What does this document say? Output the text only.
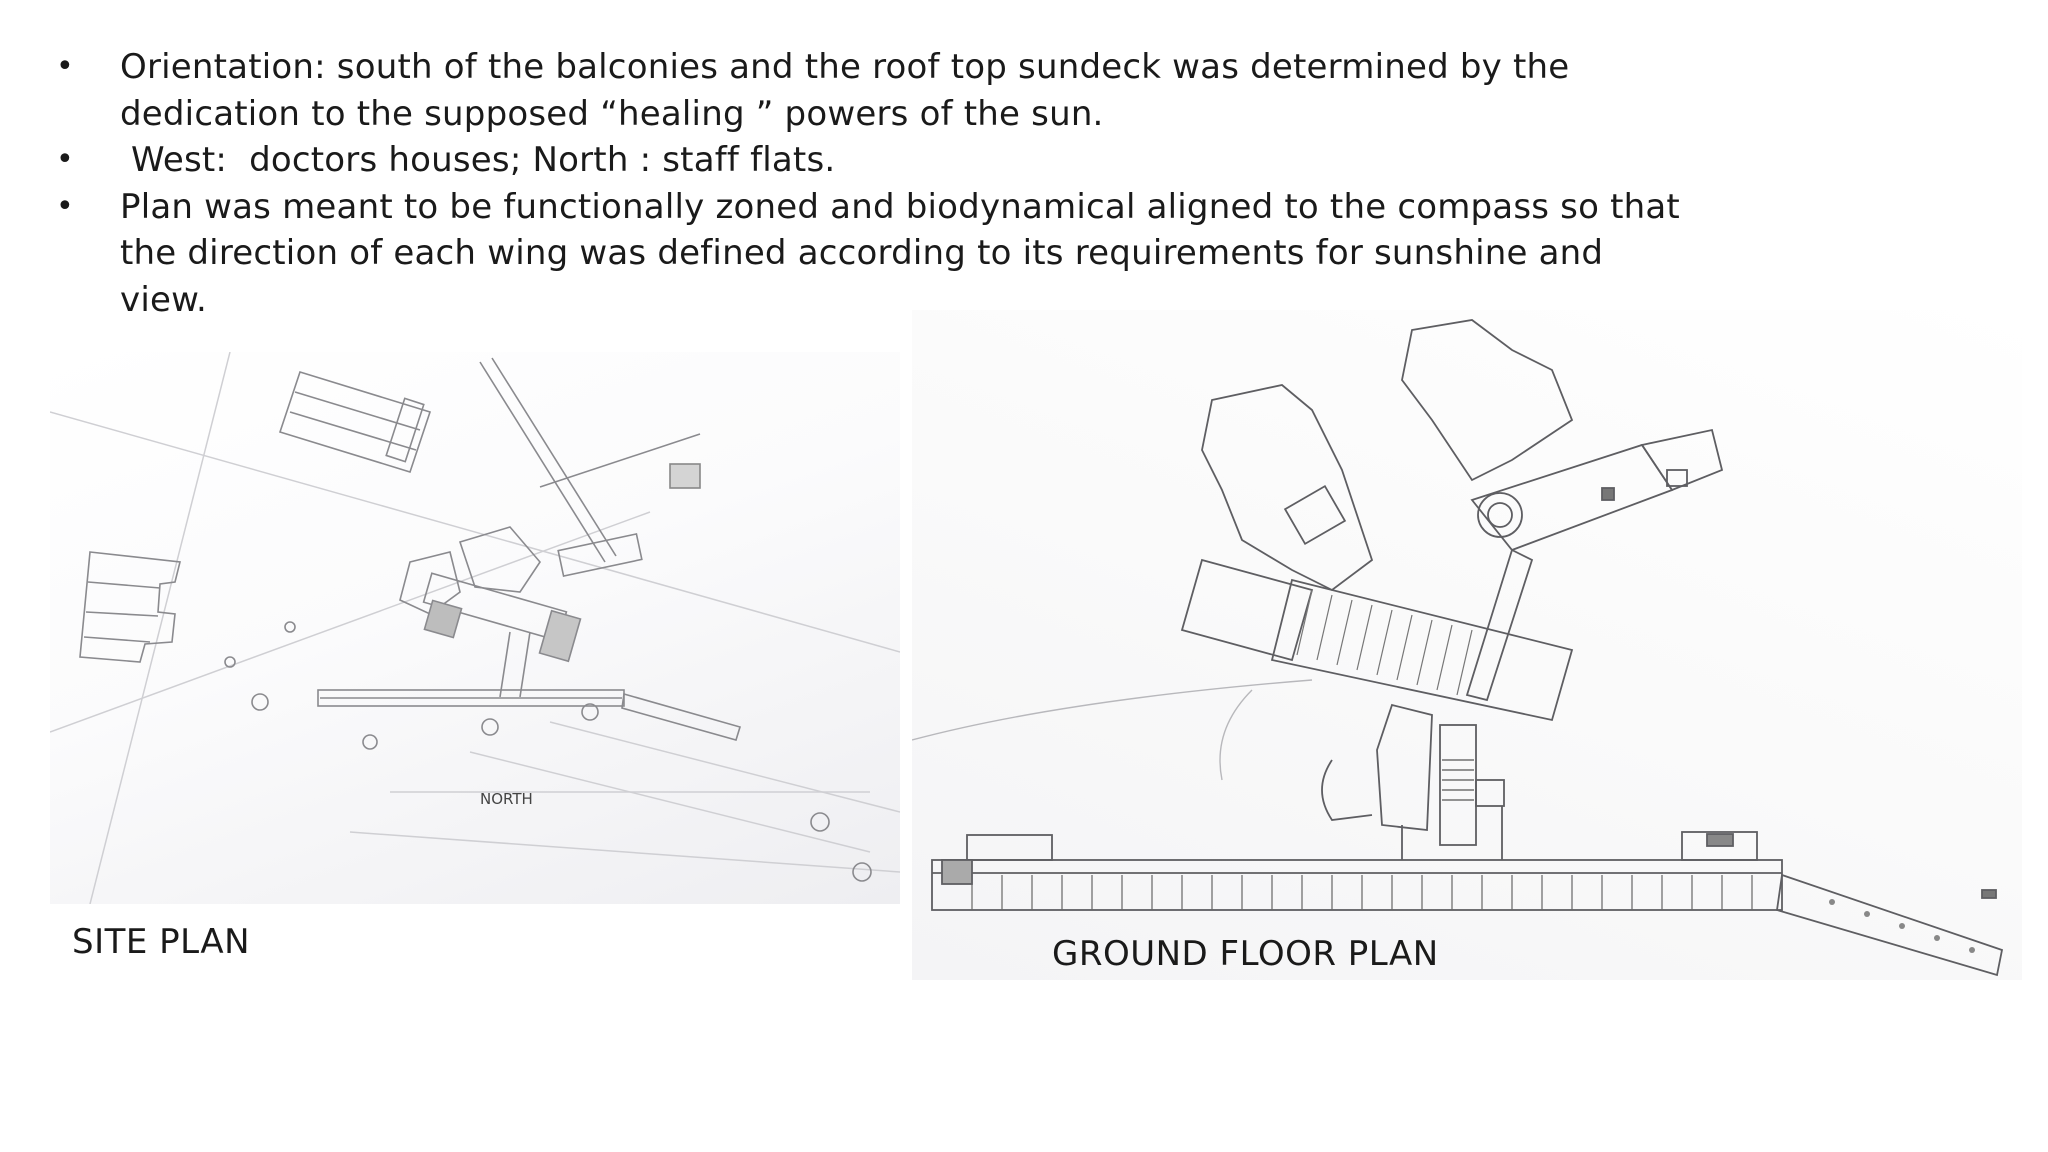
• Orientation: south of the balconies and the roof top sundeck was determined by the
dedication to the supposed “healing ” powers of the sun.
• West:  doctors houses; North : staff flats.
• Plan was meant to be functionally zoned and biodynamical aligned to the compass so that
the direction of each wing was defined according to its requirements for sunshine and
view.
NORTH
SITE PLAN	GROUND FLOOR PLAN
